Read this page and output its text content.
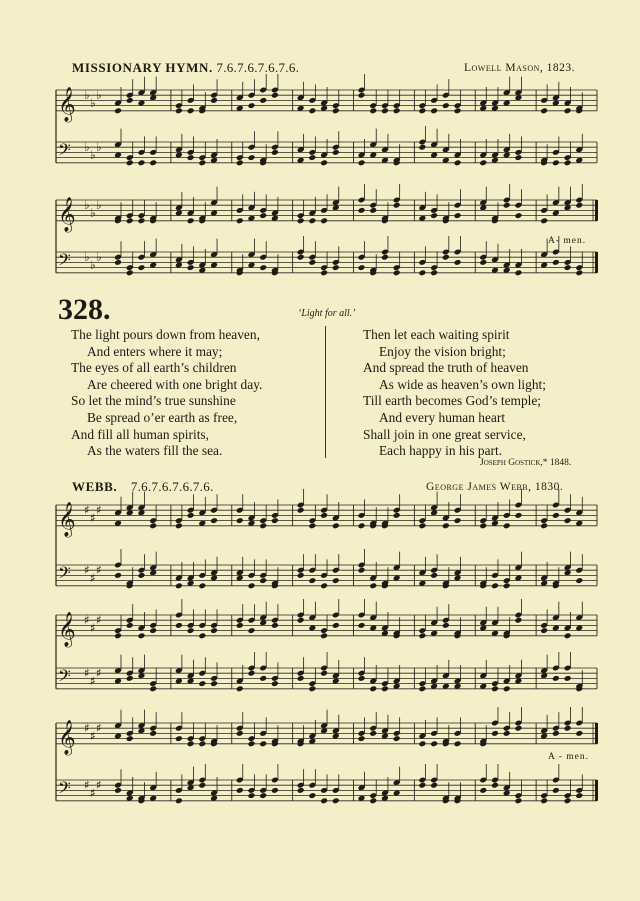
MISSIONARY HYMN. 7.6.7.6.7.6.7.6.	Lowell Mason, 1823.
WEBB. 7.6.7.6.7.6.7.6.	George James Webb, 1830.
𝄞 ♭
♭
♭
𝄢 ♭
♭
♭
𝄞 ♭
♭
♭
𝄢 ♭
♭
♭
𝄞 ♯
♯
♯
𝄢 ♯
♯
♯
𝄞 ♯
♯
♯
𝄢 ♯
♯
♯
𝄞 ♯
♯
♯
𝄢 ♯
♯
♯
A- men.
A - men.
328.	‘Light for all.’
The light pours down from heaven,
And enters where it may;
The eyes of all earth’s children
Are cheered with one bright day.
So let the mind’s true sunshine
Be spread o’er earth as free,
And fill all human spirits,
As the waters fill the sea.
Then let each waiting spirit
Enjoy the vision bright;
And spread the truth of heaven
As wide as heaven’s own light;
Till earth becomes God’s temple;
And every human heart
Shall join in one great service,
Each happy in his part.
Joseph Gostick,* 1848.
